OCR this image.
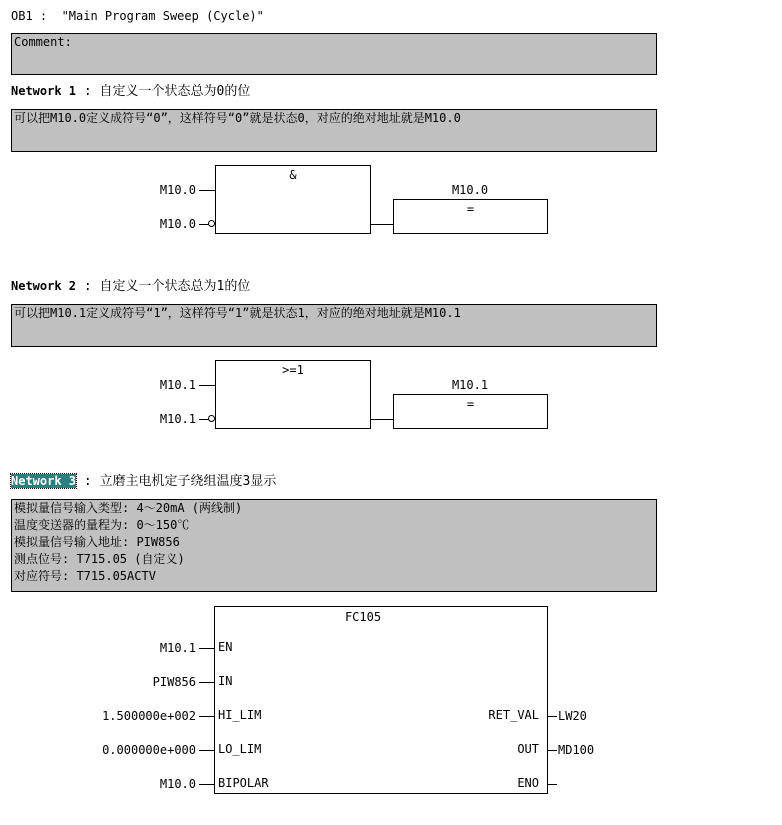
OB1 :  "Main Program Sweep (Cycle)"
Comment:
Network 1 : 自定义一个状态总为0的位
可以把M10.0定义成符号“0”，这样符号“0”就是状态0，对应的绝对地址就是M10.0
M10.0
M10.0
&
M10.0
=
Network 2 : 自定义一个状态总为1的位
可以把M10.1定义成符号“1”，这样符号“1”就是状态1，对应的绝对地址就是M10.1
M10.1
M10.1
>=1
M10.1
=
Network 3 : 立磨主电机定子绕组温度3显示
模拟量信号输入类型: 4～20mA (两线制)
温度变送器的量程为: 0～150℃
模拟量信号输入地址: PIW856
测点位号: T715.05 (自定义)
对应符号: T715.05ACTV
FC105
EN
IN
HI_LIM
LO_LIM
BIPOLAR
RET_VAL
OUT
ENO
M10.1
PIW856
1.500000e+002
0.000000e+000
M10.0
LW20
MD100
